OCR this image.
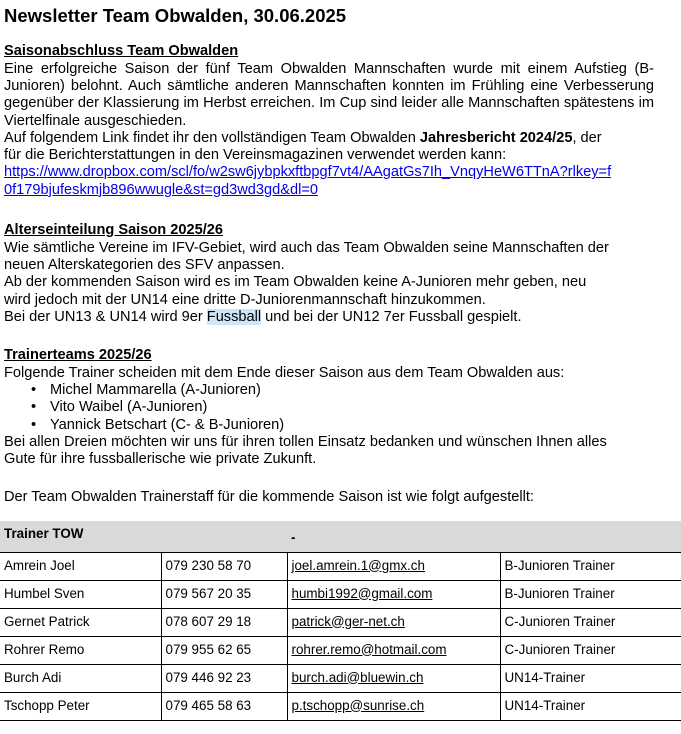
Newsletter Team Obwalden, 30.06.2025
Saisonabschluss Team Obwalden
Eine erfolgreiche Saison der fünf Team Obwalden Mannschaften wurde mit einem Aufstieg (B-Junioren) belohnt. Auch sämtliche anderen Mannschaften konnten im Frühling eine Verbesserung gegenüber der Klassierung im Herbst erreichen. Im Cup sind leider alle Mannschaften spätestens im Viertelfinale ausgeschieden.
Auf folgendem Link findet ihr den vollständigen Team Obwalden Jahresbericht 2024/25, der
für die Berichterstattungen in den Vereinsmagazinen verwendet werden kann:
https://www.dropbox.com/scl/fo/w2sw6jybpkxftbpgf7vt4/AAgatGs7Ih_VnqyHeW6TTnA?rlkey=f
0f179bjufeskmjb896wwugle&st=gd3wd3gd&dl=0
Alterseinteilung Saison 2025/26
Wie sämtliche Vereine im IFV-Gebiet, wird auch das Team Obwalden seine Mannschaften der
neuen Alterskategorien des SFV anpassen.
Ab der kommenden Saison wird es im Team Obwalden keine A-Junioren mehr geben, neu
wird jedoch mit der UN14 eine dritte D-Juniorenmannschaft hinzukommen.
Bei der UN13 & UN14 wird 9er Fussball und bei der UN12 7er Fussball gespielt.
Trainerteams 2025/26
Folgende Trainer scheiden mit dem Ende dieser Saison aus dem Team Obwalden aus:
• Michel Mammarella (A-Junioren)
• Vito Waibel (A-Junioren)
• Yannick Betschart (C- & B-Junioren)
Bei allen Dreien möchten wir uns für ihren tollen Einsatz bedanken und wünschen Ihnen alles
Gute für ihre fussballerische wie private Zukunft.
Der Team Obwalden Trainerstaff für die kommende Saison ist wie folgt aufgestellt:
Trainer TOW		-	
Amrein Joel	079 230 58 70	joel.amrein.1@gmx.ch	B-Junioren Trainer
Humbel Sven	079 567 20 35	humbi1992@gmail.com	B-Junioren Trainer
Gernet Patrick	078 607 29 18	patrick@ger-net.ch	C-Junioren Trainer
Rohrer Remo	079 955 62 65	rohrer.remo@hotmail.com	C-Junioren Trainer
Burch Adi	079 446 92 23	burch.adi@bluewin.ch	UN14-Trainer
Tschopp Peter	079 465 58 63	p.tschopp@sunrise.ch	UN14-Trainer
